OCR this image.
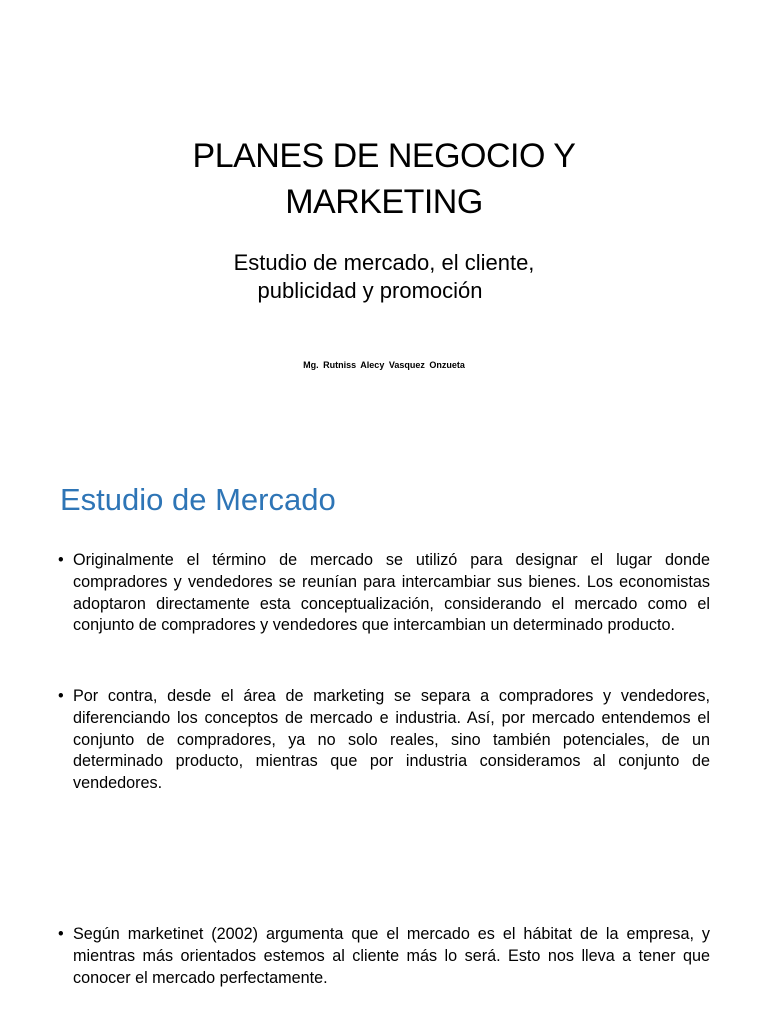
PLANES DE NEGOCIO Y
MARKETING
Estudio de mercado, el cliente,
publicidad y promoción
Mg. Rutniss Alecy Vasquez Onzueta
Estudio de Mercado
• Originalmente el término de mercado se utilizó para designar el lugar donde compradores y vendedores se reunían para intercambiar sus bienes. Los economistas adoptaron directamente esta conceptualización, considerando el mercado como el conjunto de compradores y vendedores que intercambian un determinado producto.
• Por contra, desde el área de marketing se separa a compradores y vendedores, diferenciando los conceptos de mercado e industria. Así, por mercado entendemos el conjunto de compradores, ya no solo reales, sino también potenciales, de un determinado producto, mientras que por industria consideramos al conjunto de vendedores.
• Según marketinet (2002) argumenta que el mercado es el hábitat de la empresa, y mientras más orientados estemos al cliente más lo será. Esto nos lleva a tener que conocer el mercado perfectamente.
